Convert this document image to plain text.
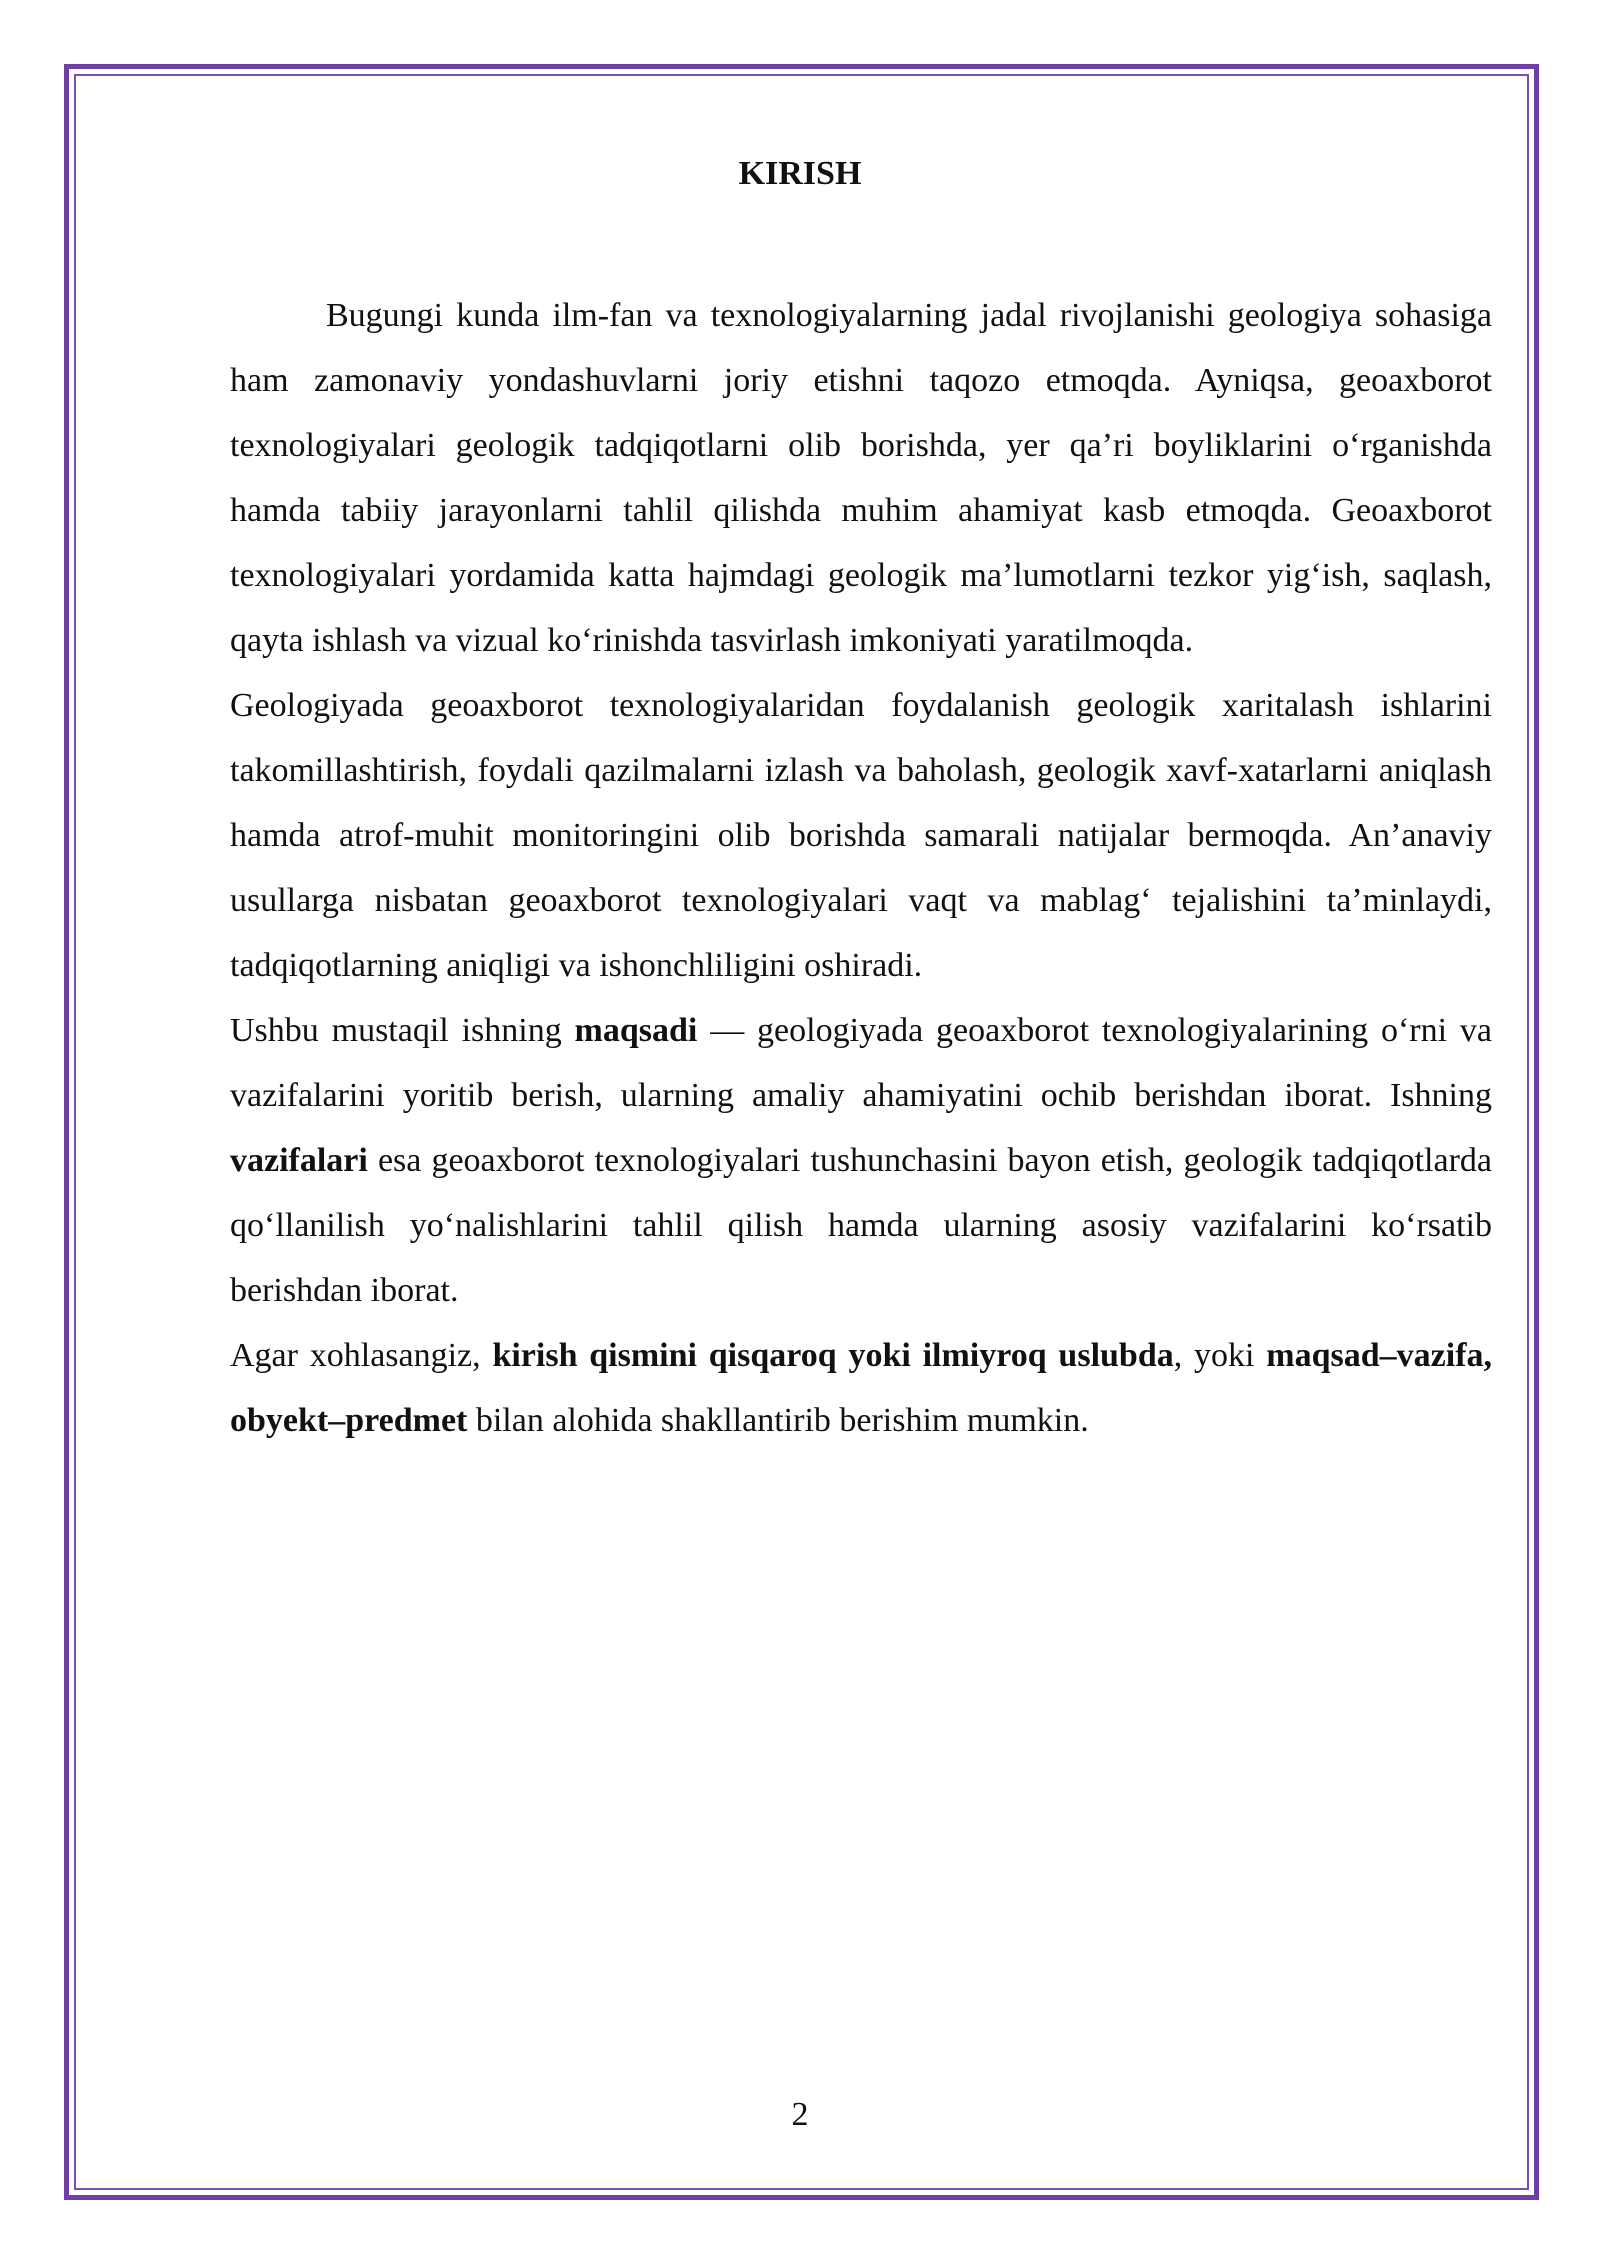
KIRISH

Bugungi kunda ilm-fan va texnologiyalarning jadal rivojlanishi geologiya sohasiga ham zamonaviy yondashuvlarni joriy etishni taqozo etmoqda. Ayniqsa, geoaxborot texnologiyalari geologik tadqiqotlarni olib borishda, yer qa’ri boyliklarini o‘rganishda hamda tabiiy jarayonlarni tahlil qilishda muhim ahamiyat kasb etmoqda. Geoaxborot texnologiyalari yordamida katta hajmdagi geologik ma’lumotlarni tezkor yig‘ish, saqlash, qayta ishlash va vizual ko‘rinishda tasvirlash imkoniyati yaratilmoqda.

Geologiyada geoaxborot texnologiyalaridan foydalanish geologik xaritalash ishlarini takomillashtirish, foydali qazilmalarni izlash va baholash, geologik xavf-xatarlarni aniqlash hamda atrof-muhit monitoringini olib borishda samarali natijalar bermoqda. An’anaviy usullarga nisbatan geoaxborot texnologiyalari vaqt va mablag‘ tejalishini ta’minlaydi, tadqiqotlarning aniqligi va ishonchliligini oshiradi.

Ushbu mustaqil ishning maqsadi — geologiyada geoaxborot texnologiyalarining o‘rni va vazifalarini yoritib berish, ularning amaliy ahamiyatini ochib berishdan iborat. Ishning vazifalari esa geoaxborot texnologiyalari tushunchasini bayon etish, geologik tadqiqotlarda qo‘llanilish yo‘nalishlarini tahlil qilish hamda ularning asosiy vazifalarini ko‘rsatib berishdan iborat.

Agar xohlasangiz, kirish qismini qisqaroq yoki ilmiyroq uslubda, yoki maqsad–vazifa, obyekt–predmet bilan alohida shakllantirib berishim mumkin.

2
